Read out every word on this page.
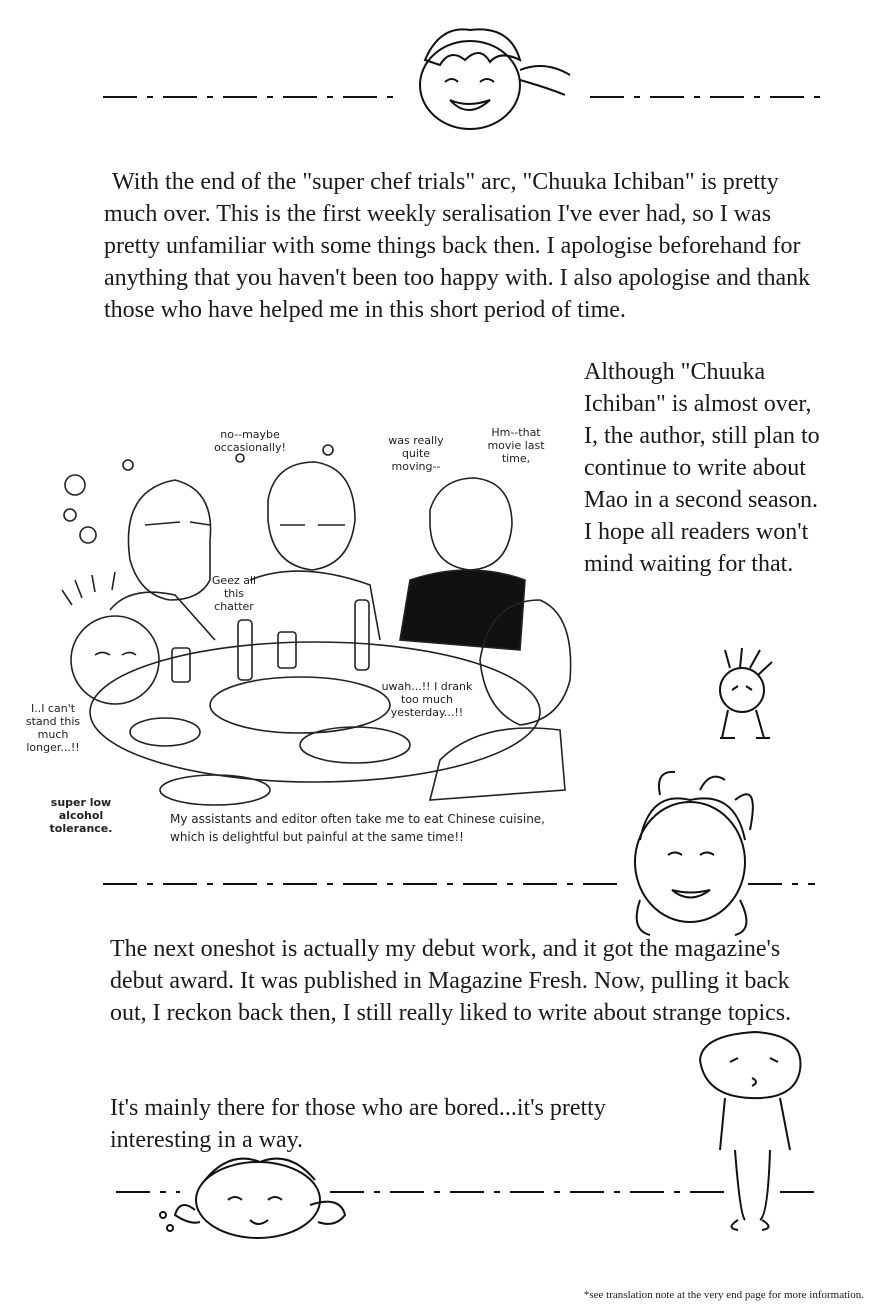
With the end of the "super chef trials" arc, "Chuuka Ichiban" is pretty much over. This is the first weekly seralisation I've ever had, so I was pretty unfamiliar with some things back then. I apologise beforehand for anything that you haven't been too happy with. I also apologise and thank those who have helped me in this short period of time.
Although "Chuuka Ichiban" is almost over, I, the author, still plan to continue to write about Mao in a second season. I hope all readers won't mind waiting for that.
The next oneshot is actually my debut work, and it got the magazine's debut award. It was published in Magazine Fresh. Now, pulling it back out, I reckon back then, I still really liked to write about strange topics.
It's mainly there for those who are bored...it's pretty interesting in a way.
no--maybe occasionally!
was really quite moving--
Hm--that movie last time,
Geez all this chatter
uwah...!! I drank too much yesterday...!!
I..I can't stand this much longer...!!
super low alcohol tolerance.
My assistants and editor often take me to eat Chinese cuisine, which is delightful but painful at the same time!!
*see translation note at the very end page for more information.
